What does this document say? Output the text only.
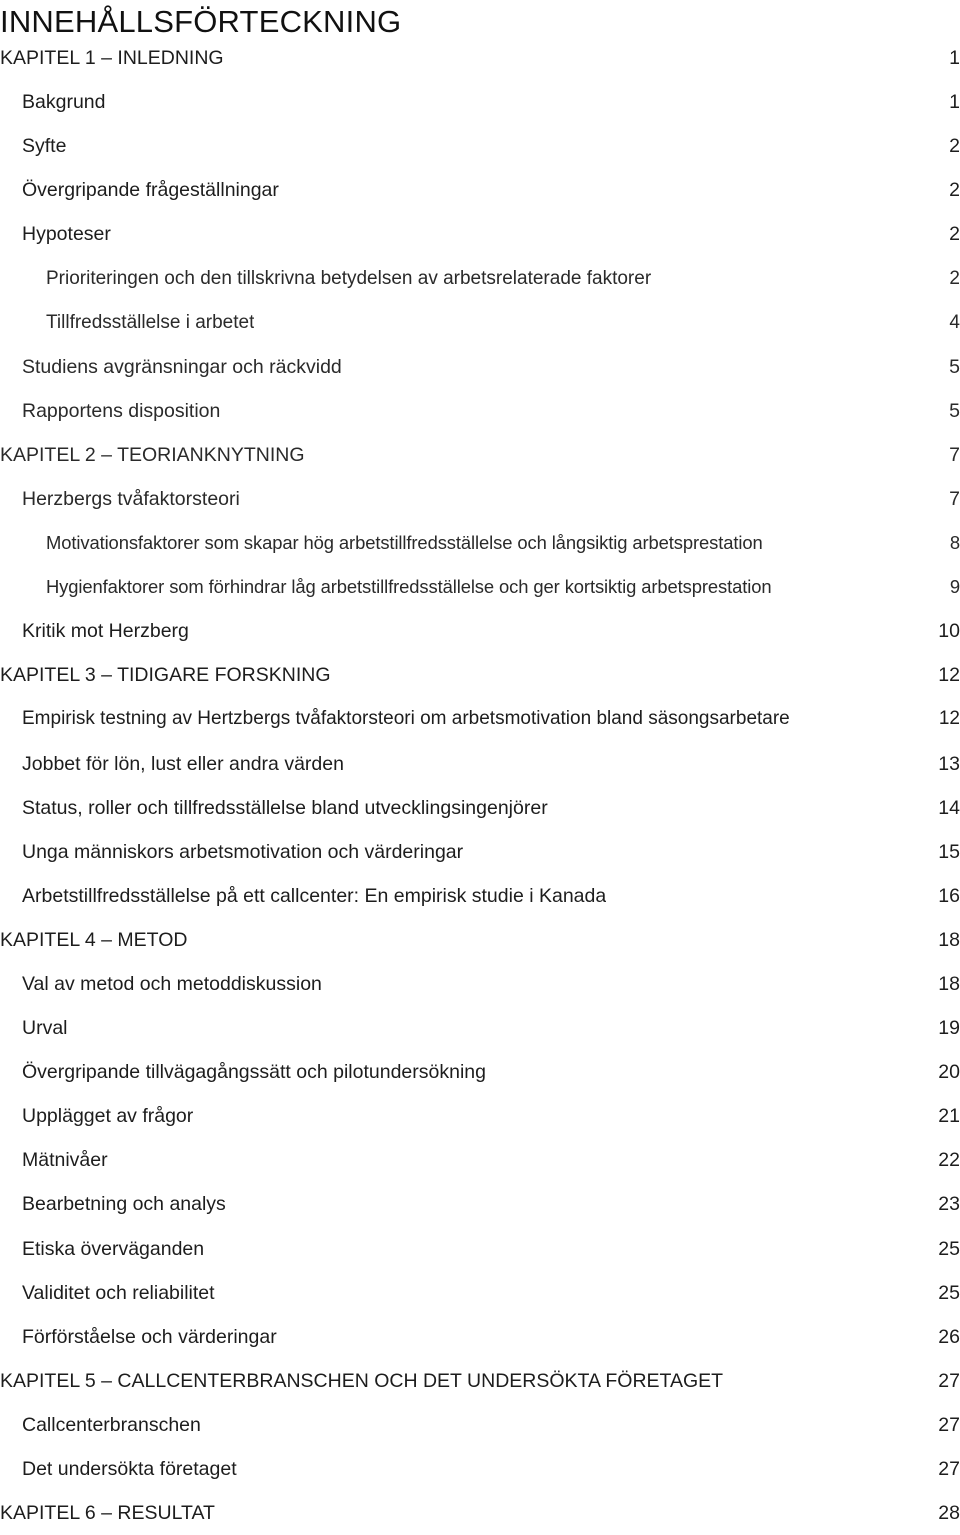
INNEHÅLLSFÖRTECKNING
KAPITEL 1 – INLEDNING	1
Bakgrund	1
Syfte	2
Övergripande frågeställningar	2
Hypoteser	2
Prioriteringen och den tillskrivna betydelsen av arbetsrelaterade faktorer	2
Tillfredsställelse i arbetet	4
Studiens avgränsningar och räckvidd	5
Rapportens disposition	5
KAPITEL 2 – TEORIANKNYTNING	7
Herzbergs tvåfaktorsteori	7
Motivationsfaktorer som skapar hög arbetstillfredsställelse och långsiktig arbetsprestation	8
Hygienfaktorer som förhindrar låg arbetstillfredsställelse och ger kortsiktig arbetsprestation	9
Kritik mot Herzberg	10
KAPITEL 3 – TIDIGARE FORSKNING	12
Empirisk testning av Hertzbergs tvåfaktorsteori om arbetsmotivation bland säsongsarbetare	12
Jobbet för lön, lust eller andra värden	13
Status, roller och tillfredsställelse bland utvecklingsingenjörer	14
Unga människors arbetsmotivation och värderingar	15
Arbetstillfredsställelse på ett callcenter: En empirisk studie i Kanada	16
KAPITEL 4 – METOD	18
Val av metod och metoddiskussion	18
Urval	19
Övergripande tillvägagångssätt och pilotundersökning	20
Upplägget av frågor	21
Mätnivåer	22
Bearbetning och analys	23
Etiska överväganden	25
Validitet och reliabilitet	25
Förförståelse och värderingar	26
KAPITEL 5 – CALLCENTERBRANSCHEN OCH DET UNDERSÖKTA FÖRETAGET	27
Callcenterbranschen	27
Det undersökta företaget	27
KAPITEL 6 – RESULTAT	28
